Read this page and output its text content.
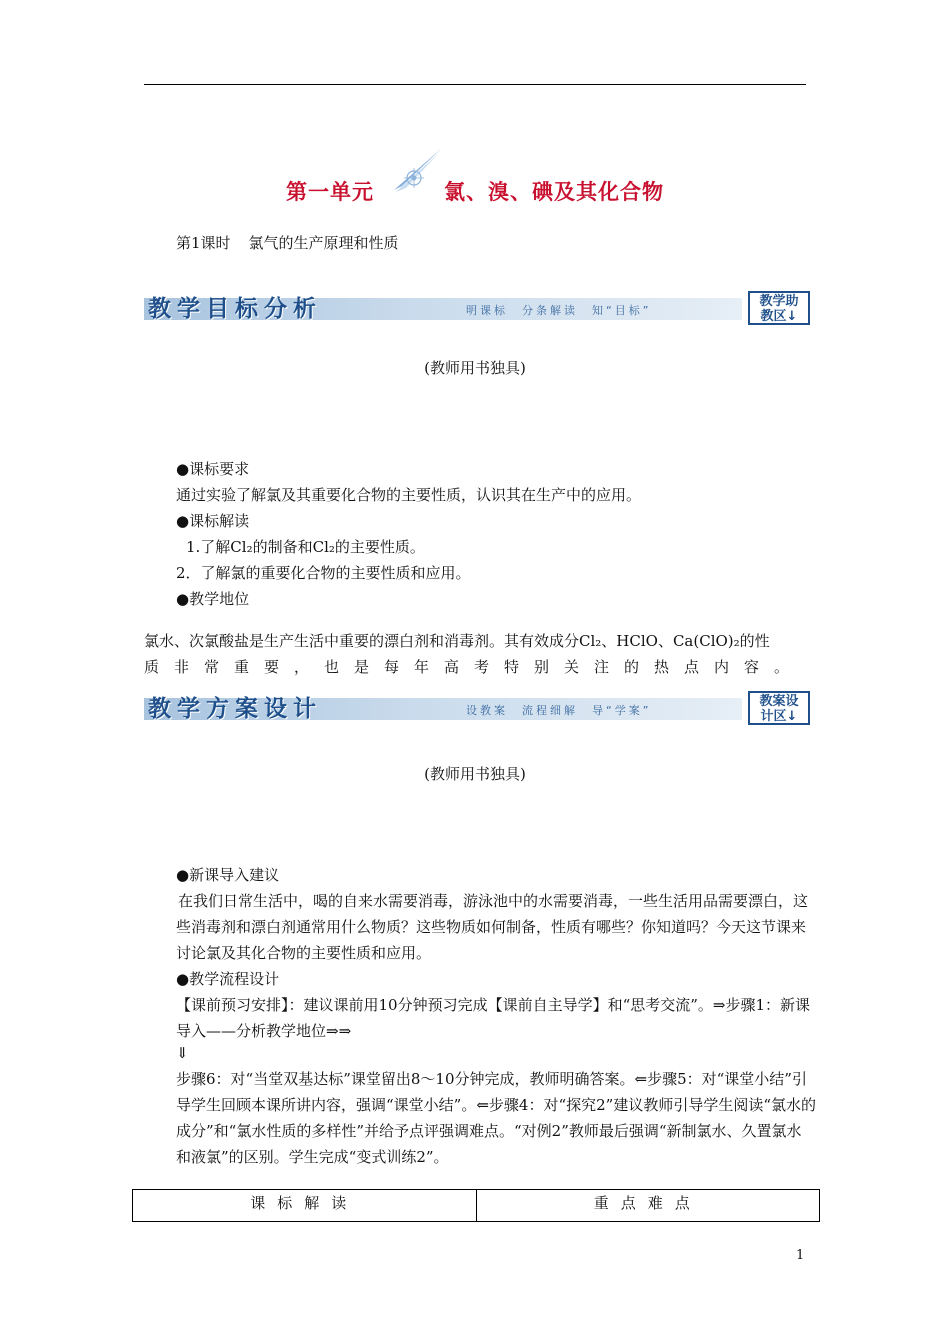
第一单元	氯、溴、碘及其化合物
第1课时 氯气的生产原理和性质
教学目标分析	明课标　分条解读　知“目标”
教学助
教区↓
(教师用书独具)
●课标要求
通过实验了解氯及其重要化合物的主要性质，认识其在生产中的应用。
●课标解读
1.了解Cl₂的制备和Cl₂的主要性质。
2．了解氯的重要化合物的主要性质和应用。
●教学地位
氯水、次氯酸盐是生产生活中重要的漂白剂和消毒剂。其有效成分Cl₂、HClO、Ca(ClO)₂的性
质非常重要，也是每年高考特别关注的热点内容。
教学方案设计	设教案　流程细解　导“学案”
教案设
计区↓
(教师用书独具)
●新课导入建议
在我们日常生活中，喝的自来水需要消毒，游泳池中的水需要消毒，一些生活用品需要漂白，这些消毒剂和漂白剂通常用什么物质？这些物质如何制备，性质有哪些？你知道吗？今天这节课来讨论氯及其化合物的主要性质和应用。
●教学流程设计
【课前预习安排】：建议课前用10分钟预习完成【课前自主导学】和“思考交流”。⇒步骤1：新课导入——分析教学地位⇒⇒
⇓
步骤6：对“当堂双基达标”课堂留出8～10分钟完成，教师明确答案。⇐步骤5：对“课堂小结”引导学生回顾本课所讲内容，强调“课堂小结”。⇐步骤4：对“探究2”建议教师引导学生阅读“氯水的成分”和“氯水性质的多样性”并给予点评强调难点。“对例2”教师最后强调“新制氯水、久置氯水和液氯”的区别。学生完成“变式训练2”。
课标解读	重点难点
1
